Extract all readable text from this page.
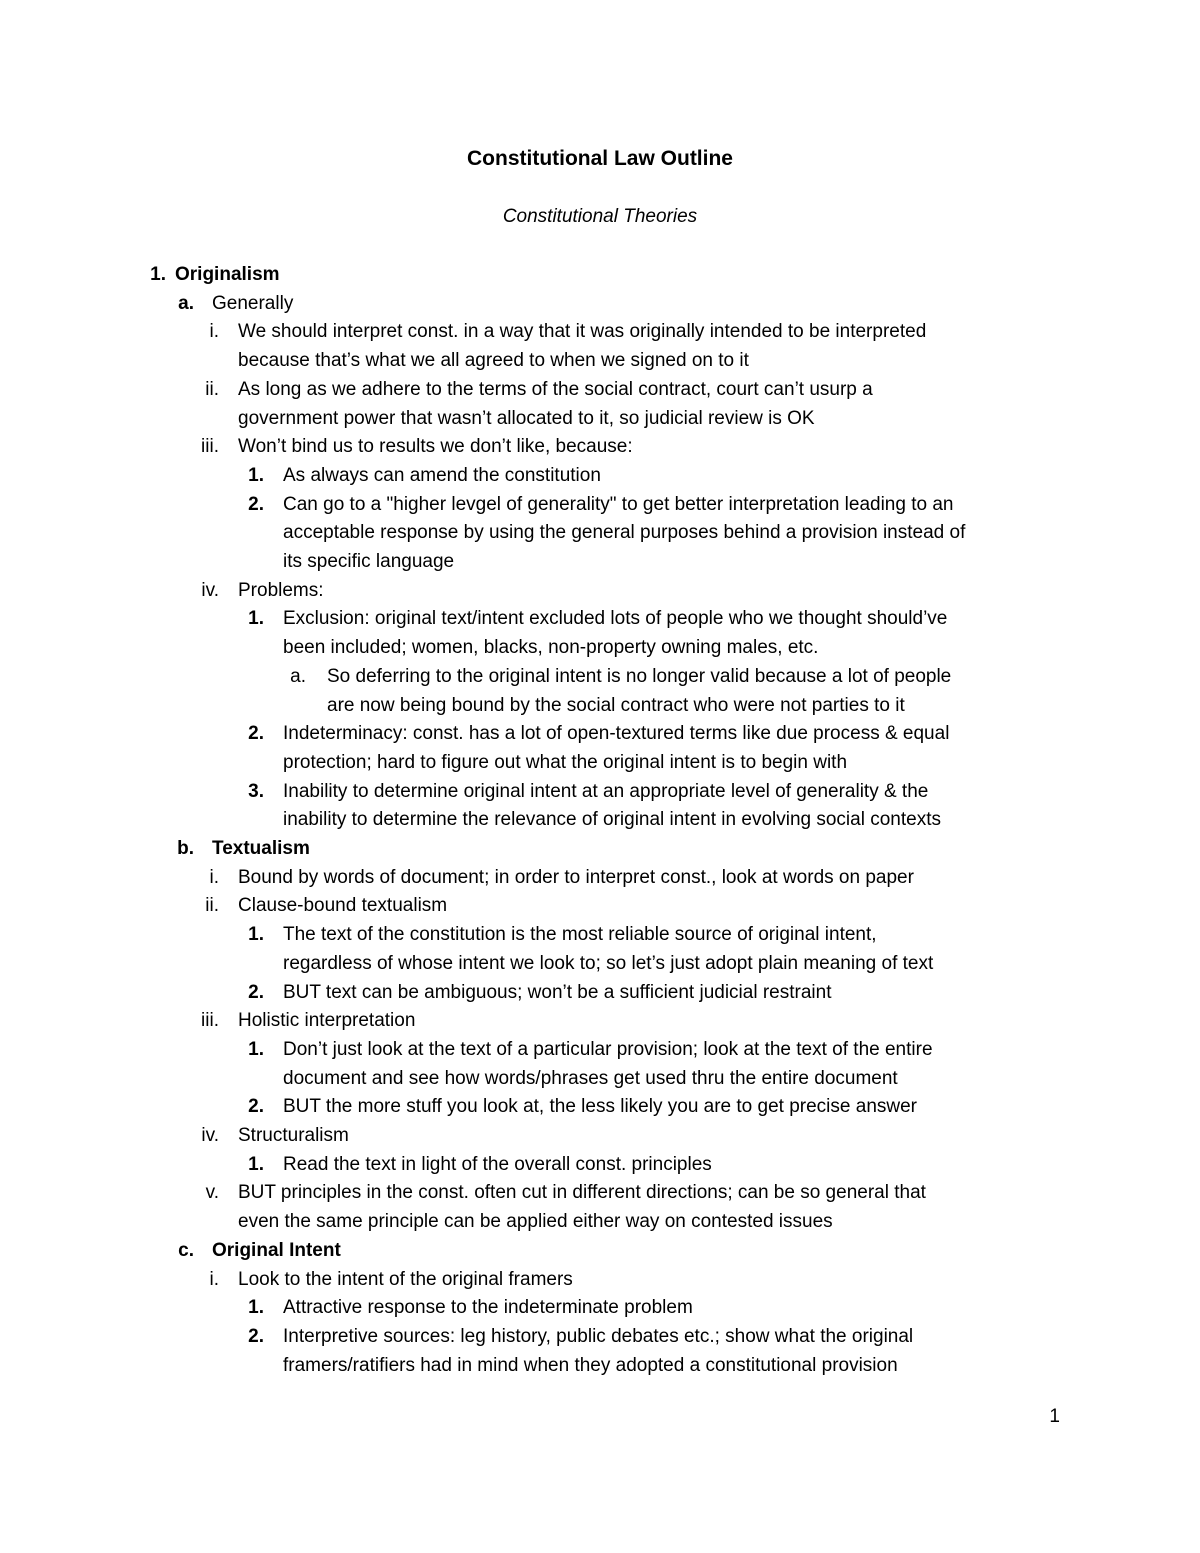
Constitutional Law Outline
Constitutional Theories
1. Originalism
a. Generally
i. We should interpret const. in a way that it was originally intended to be interpreted
because that’s what we all agreed to when we signed on to it
ii. As long as we adhere to the terms of the social contract, court can’t usurp a
government power that wasn’t allocated to it, so judicial review is OK
iii. Won’t bind us to results we don’t like, because:
1. As always can amend the constitution
2. Can go to a "higher levgel of generality" to get better interpretation leading to an
acceptable response by using the general purposes behind a provision instead of
its specific language
iv. Problems:
1. Exclusion: original text/intent excluded lots of people who we thought should’ve
been included; women, blacks, non-property owning males, etc.
a. So deferring to the original intent is no longer valid because a lot of people
are now being bound by the social contract who were not parties to it
2. Indeterminacy: const. has a lot of open-textured terms like due process & equal
protection; hard to figure out what the original intent is to begin with
3. Inability to determine original intent at an appropriate level of generality & the
inability to determine the relevance of original intent in evolving social contexts
b. Textualism
i. Bound by words of document; in order to interpret const., look at words on paper
ii. Clause-bound textualism
1. The text of the constitution is the most reliable source of original intent,
regardless of whose intent we look to; so let’s just adopt plain meaning of text
2. BUT text can be ambiguous; won’t be a sufficient judicial restraint
iii. Holistic interpretation
1. Don’t just look at the text of a particular provision; look at the text of the entire
document and see how words/phrases get used thru the entire document
2. BUT the more stuff you look at, the less likely you are to get precise answer
iv. Structuralism
1. Read the text in light of the overall const. principles
v. BUT principles in the const. often cut in different directions; can be so general that
even the same principle can be applied either way on contested issues
c. Original Intent
i. Look to the intent of the original framers
1. Attractive response to the indeterminate problem
2. Interpretive sources: leg history, public debates etc.; show what the original
framers/ratifiers had in mind when they adopted a constitutional provision
1
